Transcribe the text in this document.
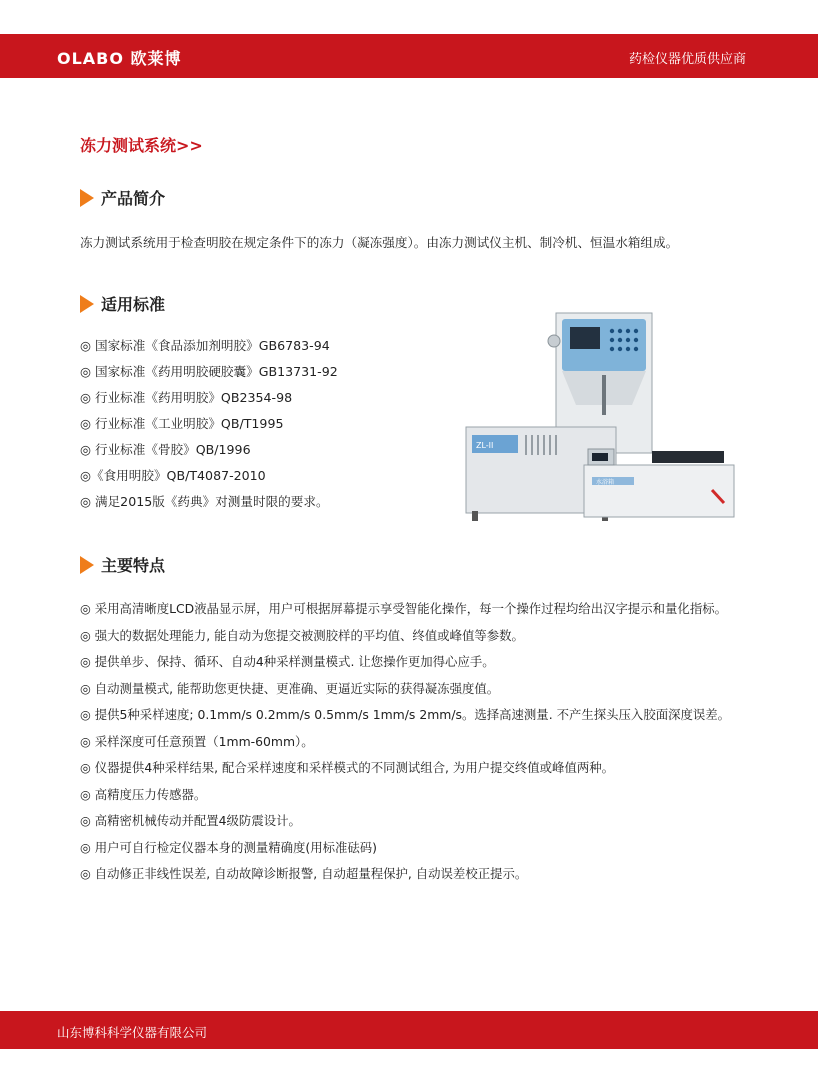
OLABO 欧莱博	药检仪器优质供应商
冻力测试系统>>
产品简介
冻力测试系统用于检查明胶在规定条件下的冻力（凝冻强度）。由冻力测试仪主机、制冷机、恒温水箱组成。
适用标准
◎ 国家标准《食品添加剂明胶》GB6783-94
◎ 国家标准《药用明胶硬胶囊》GB13731-92
◎ 行业标准《药用明胶》QB2354-98
◎ 行业标准《工业明胶》QB/T1995
◎ 行业标准《骨胶》QB/1996
◎《食用明胶》QB/T4087-2010
◎ 满足2015版《药典》对测量时限的要求。
ZL-II
水浴箱
主要特点
◎ 采用高清晰度LCD液晶显示屏，用户可根据屏幕提示享受智能化操作，每一个操作过程均给出汉字提示和量化指标。
◎ 强大的数据处理能力, 能自动为您提交被测胶样的平均值、终值或峰值等参数。
◎ 提供单步、保持、循环、自动4种采样测量模式. 让您操作更加得心应手。
◎ 自动测量模式, 能帮助您更快捷、更准确、更逼近实际的获得凝冻强度值。
◎ 提供5种采样速度; 0.1mm/s 0.2mm/s 0.5mm/s 1mm/s 2mm/s。选择高速测量. 不产生探头压入胶面深度误差。
◎ 采样深度可任意预置（1mm-60mm）。
◎ 仪器提供4种采样结果, 配合采样速度和采样模式的不同测试组合, 为用户提交终值或峰值两种。
◎ 高精度压力传感器。
◎ 高精密机械传动并配置4级防震设计。
◎ 用户可自行检定仪器本身的测量精确度(用标准砝码)
◎ 自动修正非线性误差, 自动故障诊断报警, 自动超量程保护, 自动误差校正提示。
山东博科科学仪器有限公司
